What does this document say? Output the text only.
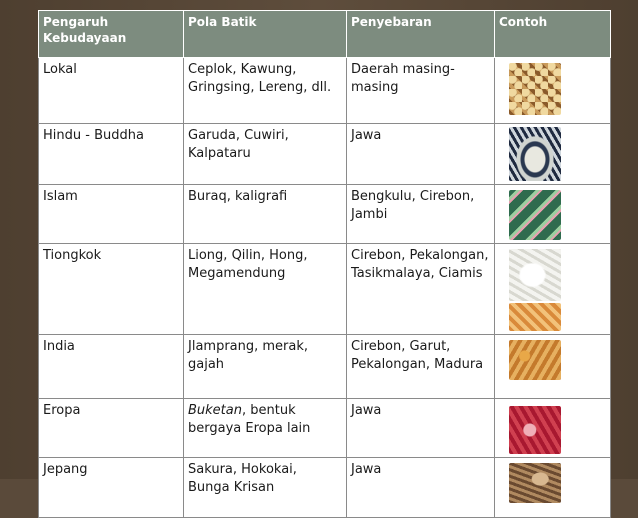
Pengaruh Kebudayaan	Pola Batik	Penyebaran	Contoh
Lokal	Ceplok, Kawung, Gringsing, Lereng, dll.	Daerah masing-masing	

Hindu - Buddha	Garuda, Cuwiri, Kalpataru	Jawa	

Islam	Buraq, kaligrafi	Bengkulu, Cirebon, Jambi	

Tiongkok	Liong, Qilin, Hong, Megamendung	Cirebon, Pekalongan, Tasikmalaya, Ciamis	

India	Jlamprang, merak, gajah	Cirebon, Garut, Pekalongan, Madura	

Eropa	Buketan, bentuk bergaya Eropa lain	Jawa	

Jepang	Sakura, Hokokai, Bunga Krisan	Jawa	
